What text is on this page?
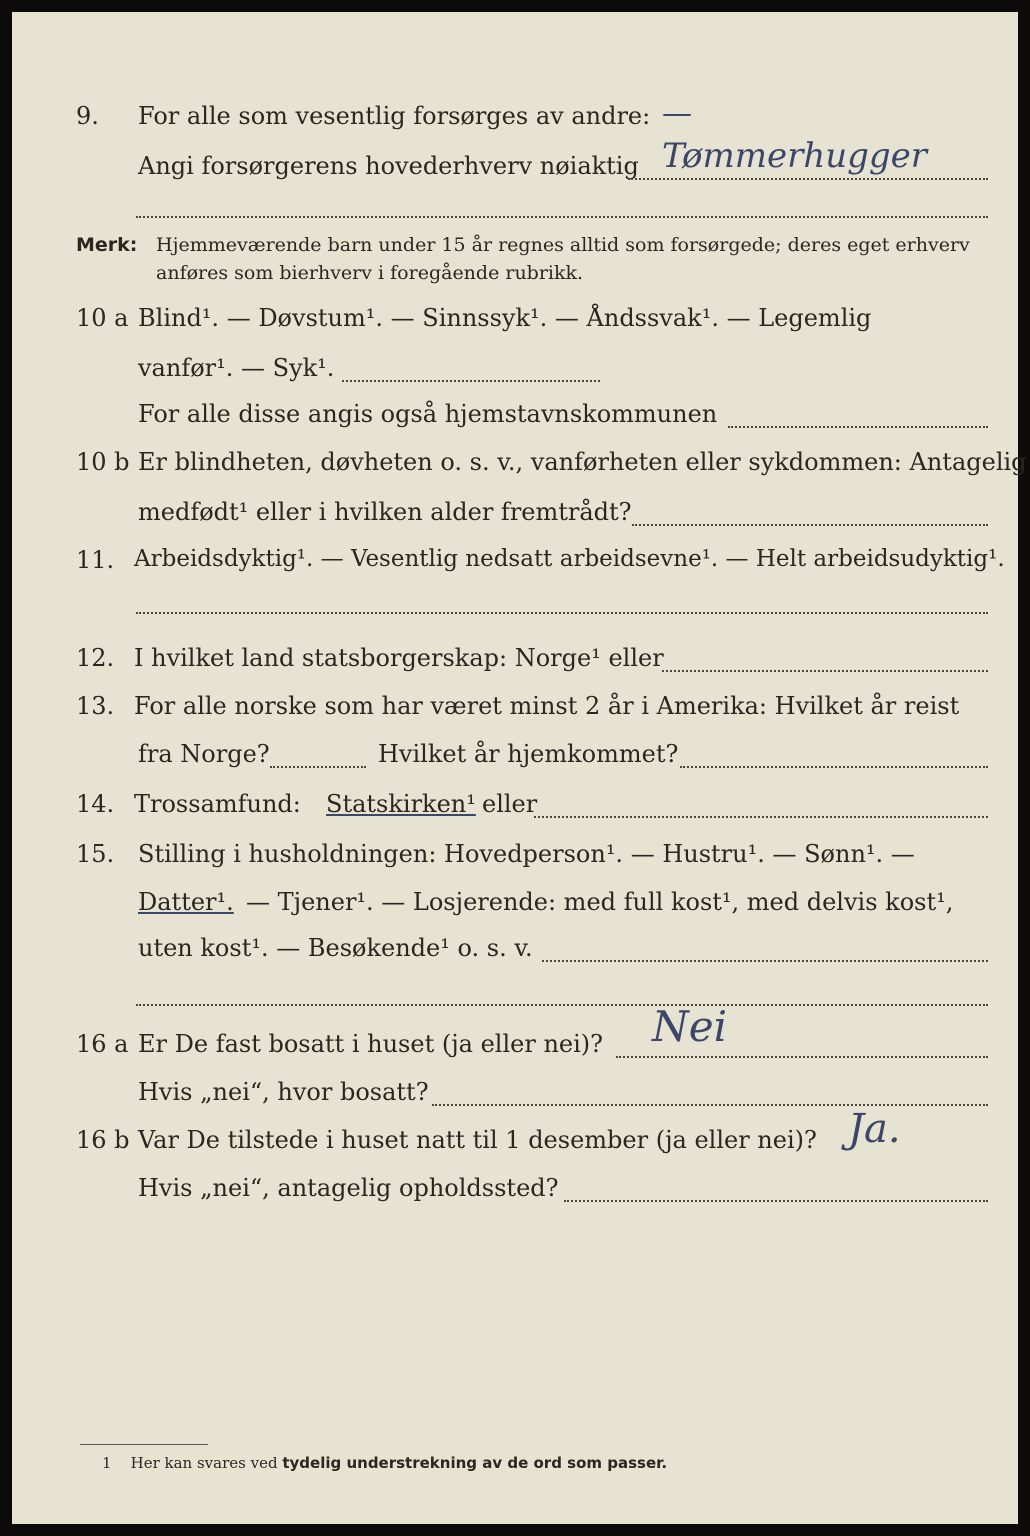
9. For alle som vesentlig forsørges av andre: —
Angi forsørgerens hovederhverv nøiaktig Tømmerhugger
Merk: Hjemmeværende barn under 15 år regnes alltid som forsørgede; deres eget erhverv
anføres som bierhverv i foregående rubrikk.
10 a Blind¹. — Døvstum¹. — Sinnssyk¹. — Åndssvak¹. — Legemlig
vanfør¹. — Syk¹.
For alle disse angis også hjemstavnskommunen
10 b Er blindheten, døvheten o. s. v., vanførheten eller sykdommen: Antagelig
medfødt¹ eller i hvilken alder fremtrådt?
11. Arbeidsdyktig¹. — Vesentlig nedsatt arbeidsevne¹. — Helt arbeidsudyktig¹.
12. I hvilket land statsborgerskap: Norge¹ eller
13. For alle norske som har været minst 2 år i Amerika: Hvilket år reist
fra Norge?	Hvilket år hjemkommet?
14. Trossamfund: Statskirken¹ eller
15. Stilling i husholdningen: Hovedperson¹. — Hustru¹. — Sønn¹. —
Datter¹. — Tjener¹. — Losjerende: med full kost¹, med delvis kost¹,
uten kost¹. — Besøkende¹ o. s. v.
16 a Er De fast bosatt i huset (ja eller nei)? Nei
Hvis „nei“, hvor bosatt?
16 b Var De tilstede i huset natt til 1 desember (ja eller nei)? Ja.
Hvis „nei“, antagelig opholdssted?
1 Her kan svares ved tydelig understrekning av de ord som passer.
